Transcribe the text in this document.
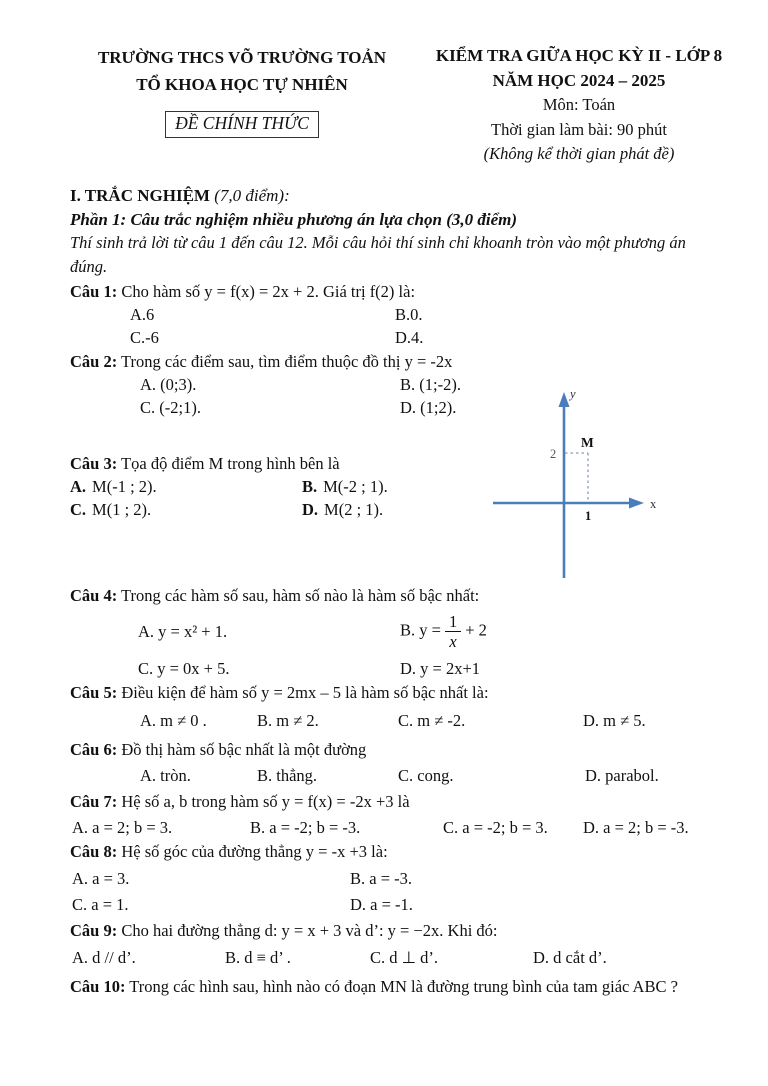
TRƯỜNG THCS VÕ TRƯỜNG TOẢN
TỔ KHOA HỌC TỰ NHIÊN
ĐỀ CHÍNH THỨC
KIỂM TRA GIỮA HỌC KỲ II - LỚP 8
NĂM HỌC 2024 – 2025
Môn: Toán
Thời gian làm bài: 90 phút
(Không kể thời gian phát đề)
I. TRẮC NGHIỆM (7,0 điểm):
Phần 1: Câu trắc nghiệm nhiều phương án lựa chọn (3,0 điểm)
Thí sinh trả lời từ câu 1 đến câu 12. Mỗi câu hỏi thí sinh chỉ khoanh tròn vào một phương án đúng.
Câu 1: Cho hàm số y = f(x) = 2x + 2. Giá trị f(2) là:
A.6	B.0.
C.-6	D.4.
Câu 2: Trong các điểm sau, tìm điểm thuộc đồ thị y = -2x
A. (0;3).	B. (1;-2).
C. (-2;1).	D. (1;2).
Câu 3: Tọa độ điểm M trong hình bên là
A. M(-1 ; 2).	B. M(-2 ; 1).
C. M(1 ; 2).	D. M(2 ; 1).
Câu 4: Trong các hàm số sau, hàm số nào là hàm số bậc nhất:
A. y = x² + 1.	B. $y = \frac{1}{x} + 2$
C. y = 0x + 5.	D. y = 2x+1
Câu 5: Điều kiện để hàm số y = 2mx – 5 là hàm số bậc nhất là:
A. m ≠ 0 .	B. m ≠ 2.	C. m ≠ -2.	D. m ≠ 5.
Câu 6: Đồ thị hàm số bậc nhất là một đường
A. tròn.	B. thẳng.	C. cong.	D. parabol.
Câu 7: Hệ số a, b trong hàm số y = f(x) = -2x +3 là
A. a = 2; b = 3.	B. a = -2; b = -3.	C. a = -2; b = 3.	D. a = 2; b = -3.
Câu 8: Hệ số góc của đường thẳng y = -x +3 là:
A. a = 3.	B. a = -3.
C. a = 1.	D. a = -1.
Câu 9: Cho hai đường thẳng d: y = x + 3 và d’: y = −2x. Khi đó:
A. d // d’.	B. d ≡ d’ .	C. d ⊥ d’.	D. d cắt d’.
Câu 10: Trong các hình sau, hình nào có đoạn MN là đường trung bình của tam giác ABC ?
2
1
M
y
x
